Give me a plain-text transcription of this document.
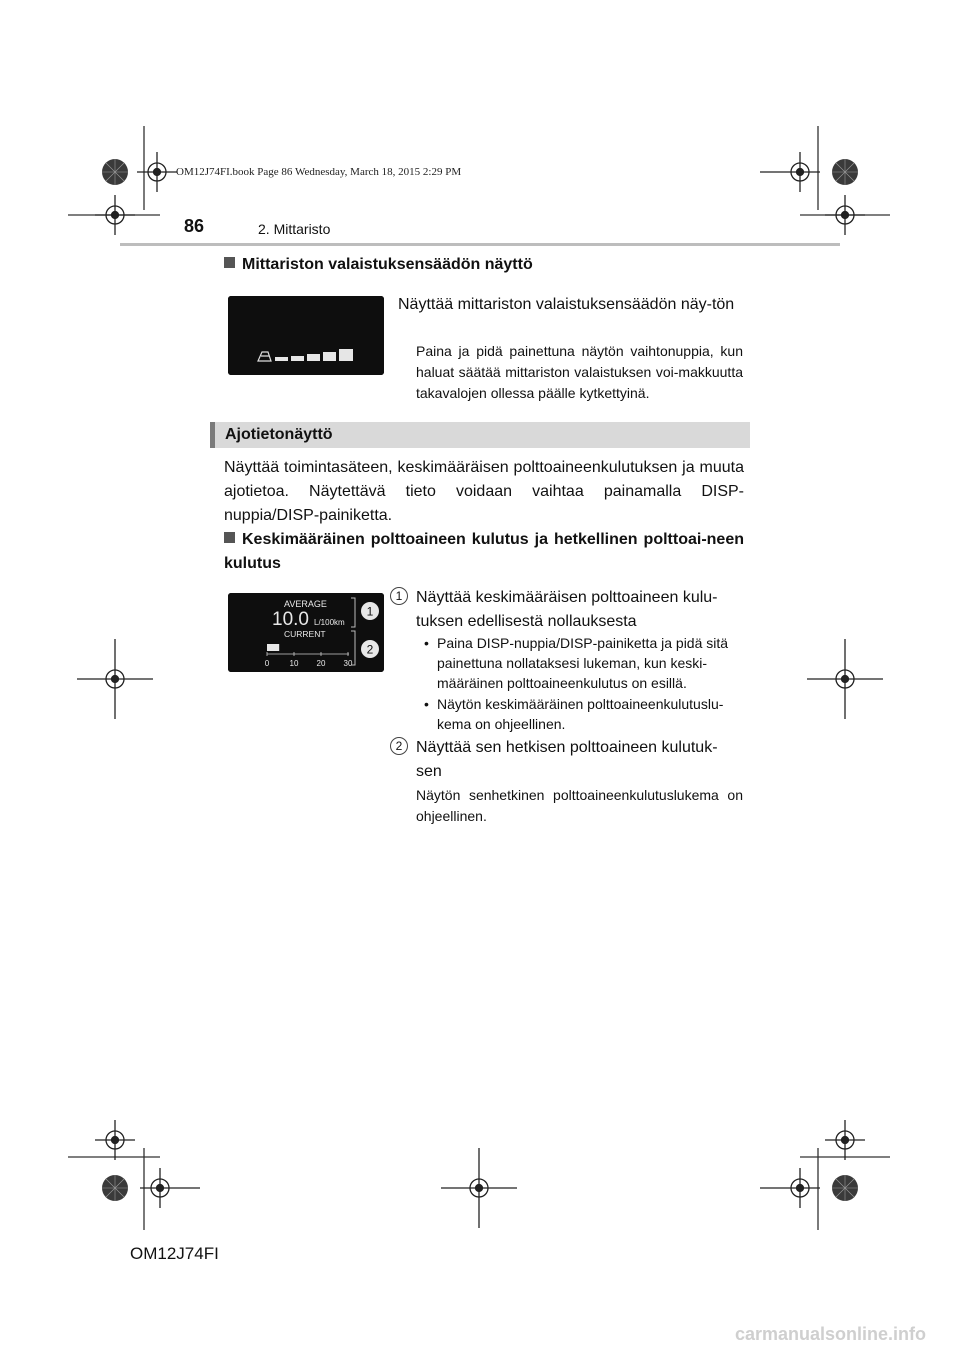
OM12J74FI.book Page 86 Wednesday, March 18, 2015 2:29 PM
86	2. Mittaristo
Mittariston valaistuksensäädön näyttö
Näyttää mittariston valaistuksensäädön näy-tön
Paina ja pidä painettuna näytön vaihtonuppia, kun haluat säätää mittariston valaistuksen voi-makkuutta takavalojen ollessa päälle kytkettyinä.
Ajotietonäyttö
Näyttää toimintasäteen, keskimääräisen polttoaineenkulutuksen ja muuta ajotietoa. Näytettävä tieto voidaan vaihtaa painamalla DISP-nuppia/DISP-painiketta.
Keskimääräinen polttoaineen kulutus ja hetkellinen polttoai-neen kulutus
AVERAGE
10.0 L/100km
CURRENT
0	10 20 30
1
2
1 Näyttää keskimääräisen polttoaineen kulu-
tuksen edellisestä nollauksesta
• Paina DISP-nuppia/DISP-painiketta ja pidä sitä
painettuna nollataksesi lukeman, kun keski-
määräinen polttoaineenkulutus on esillä.
• Näytön keskimääräinen polttoaineenkulutuslu-
kema on ohjeellinen.
2 Näyttää sen hetkisen polttoaineen kulutuk-
sen
Näytön senhetkinen polttoaineenkulutuslukema on ohjeellinen.
OM12J74FI
carmanualsonline.info
